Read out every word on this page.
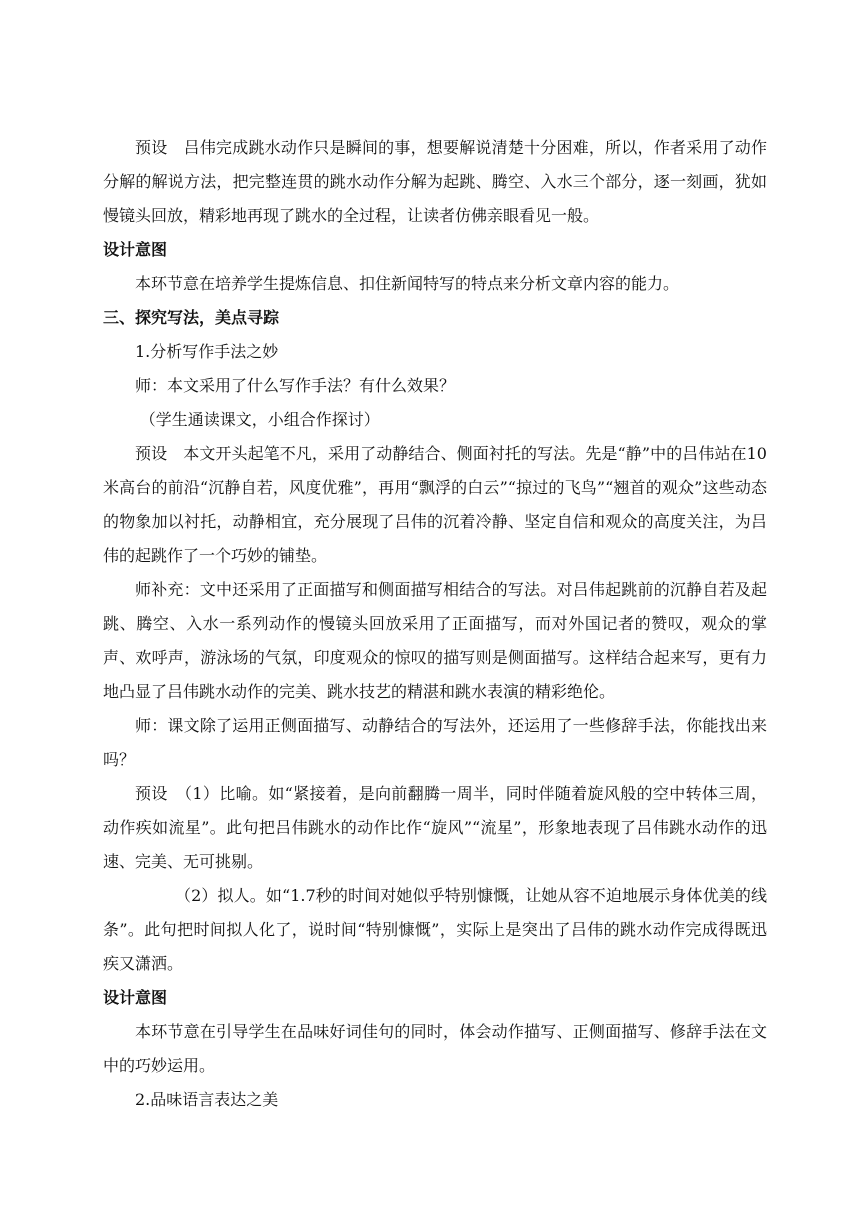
预设　吕伟完成跳水动作只是瞬间的事，想要解说清楚十分困难，所以，作者采用了动作分解的解说方法，把完整连贯的跳水动作分解为起跳、腾空、入水三个部分，逐一刻画，犹如慢镜头回放，精彩地再现了跳水的全过程，让读者仿佛亲眼看见一般。

设计意图

本环节意在培养学生提炼信息、扣住新闻特写的特点来分析文章内容的能力。

三、探究写法，美点寻踪

1.分析写作手法之妙

师：本文采用了什么写作手法？有什么效果？

（学生通读课文，小组合作探讨）

预设　本文开头起笔不凡，采用了动静结合、侧面衬托的写法。先是“静”中的吕伟站在10米高台的前沿“沉静自若，风度优雅”，再用“飘浮的白云”“掠过的飞鸟”“翘首的观众”这些动态的物象加以衬托，动静相宜，充分展现了吕伟的沉着冷静、坚定自信和观众的高度关注，为吕伟的起跳作了一个巧妙的铺垫。

师补充：文中还采用了正面描写和侧面描写相结合的写法。对吕伟起跳前的沉静自若及起跳、腾空、入水一系列动作的慢镜头回放采用了正面描写，而对外国记者的赞叹，观众的掌声、欢呼声，游泳场的气氛，印度观众的惊叹的描写则是侧面描写。这样结合起来写，更有力地凸显了吕伟跳水动作的完美、跳水技艺的精湛和跳水表演的精彩绝伦。

师：课文除了运用正侧面描写、动静结合的写法外，还运用了一些修辞手法，你能找出来吗？

预设　（1）比喻。如“紧接着，是向前翻腾一周半，同时伴随着旋风般的空中转体三周，动作疾如流星”。此句把吕伟跳水的动作比作“旋风”“流星”，形象地表现了吕伟跳水动作的迅速、完美、无可挑剔。

（2）拟人。如“1.7秒的时间对她似乎特别慷慨，让她从容不迫地展示身体优美的线条”。此句把时间拟人化了，说时间“特别慷慨”，实际上是突出了吕伟的跳水动作完成得既迅疾又潇洒。

设计意图

本环节意在引导学生在品味好词佳句的同时，体会动作描写、正侧面描写、修辞手法在文中的巧妙运用。

2.品味语言表达之美
